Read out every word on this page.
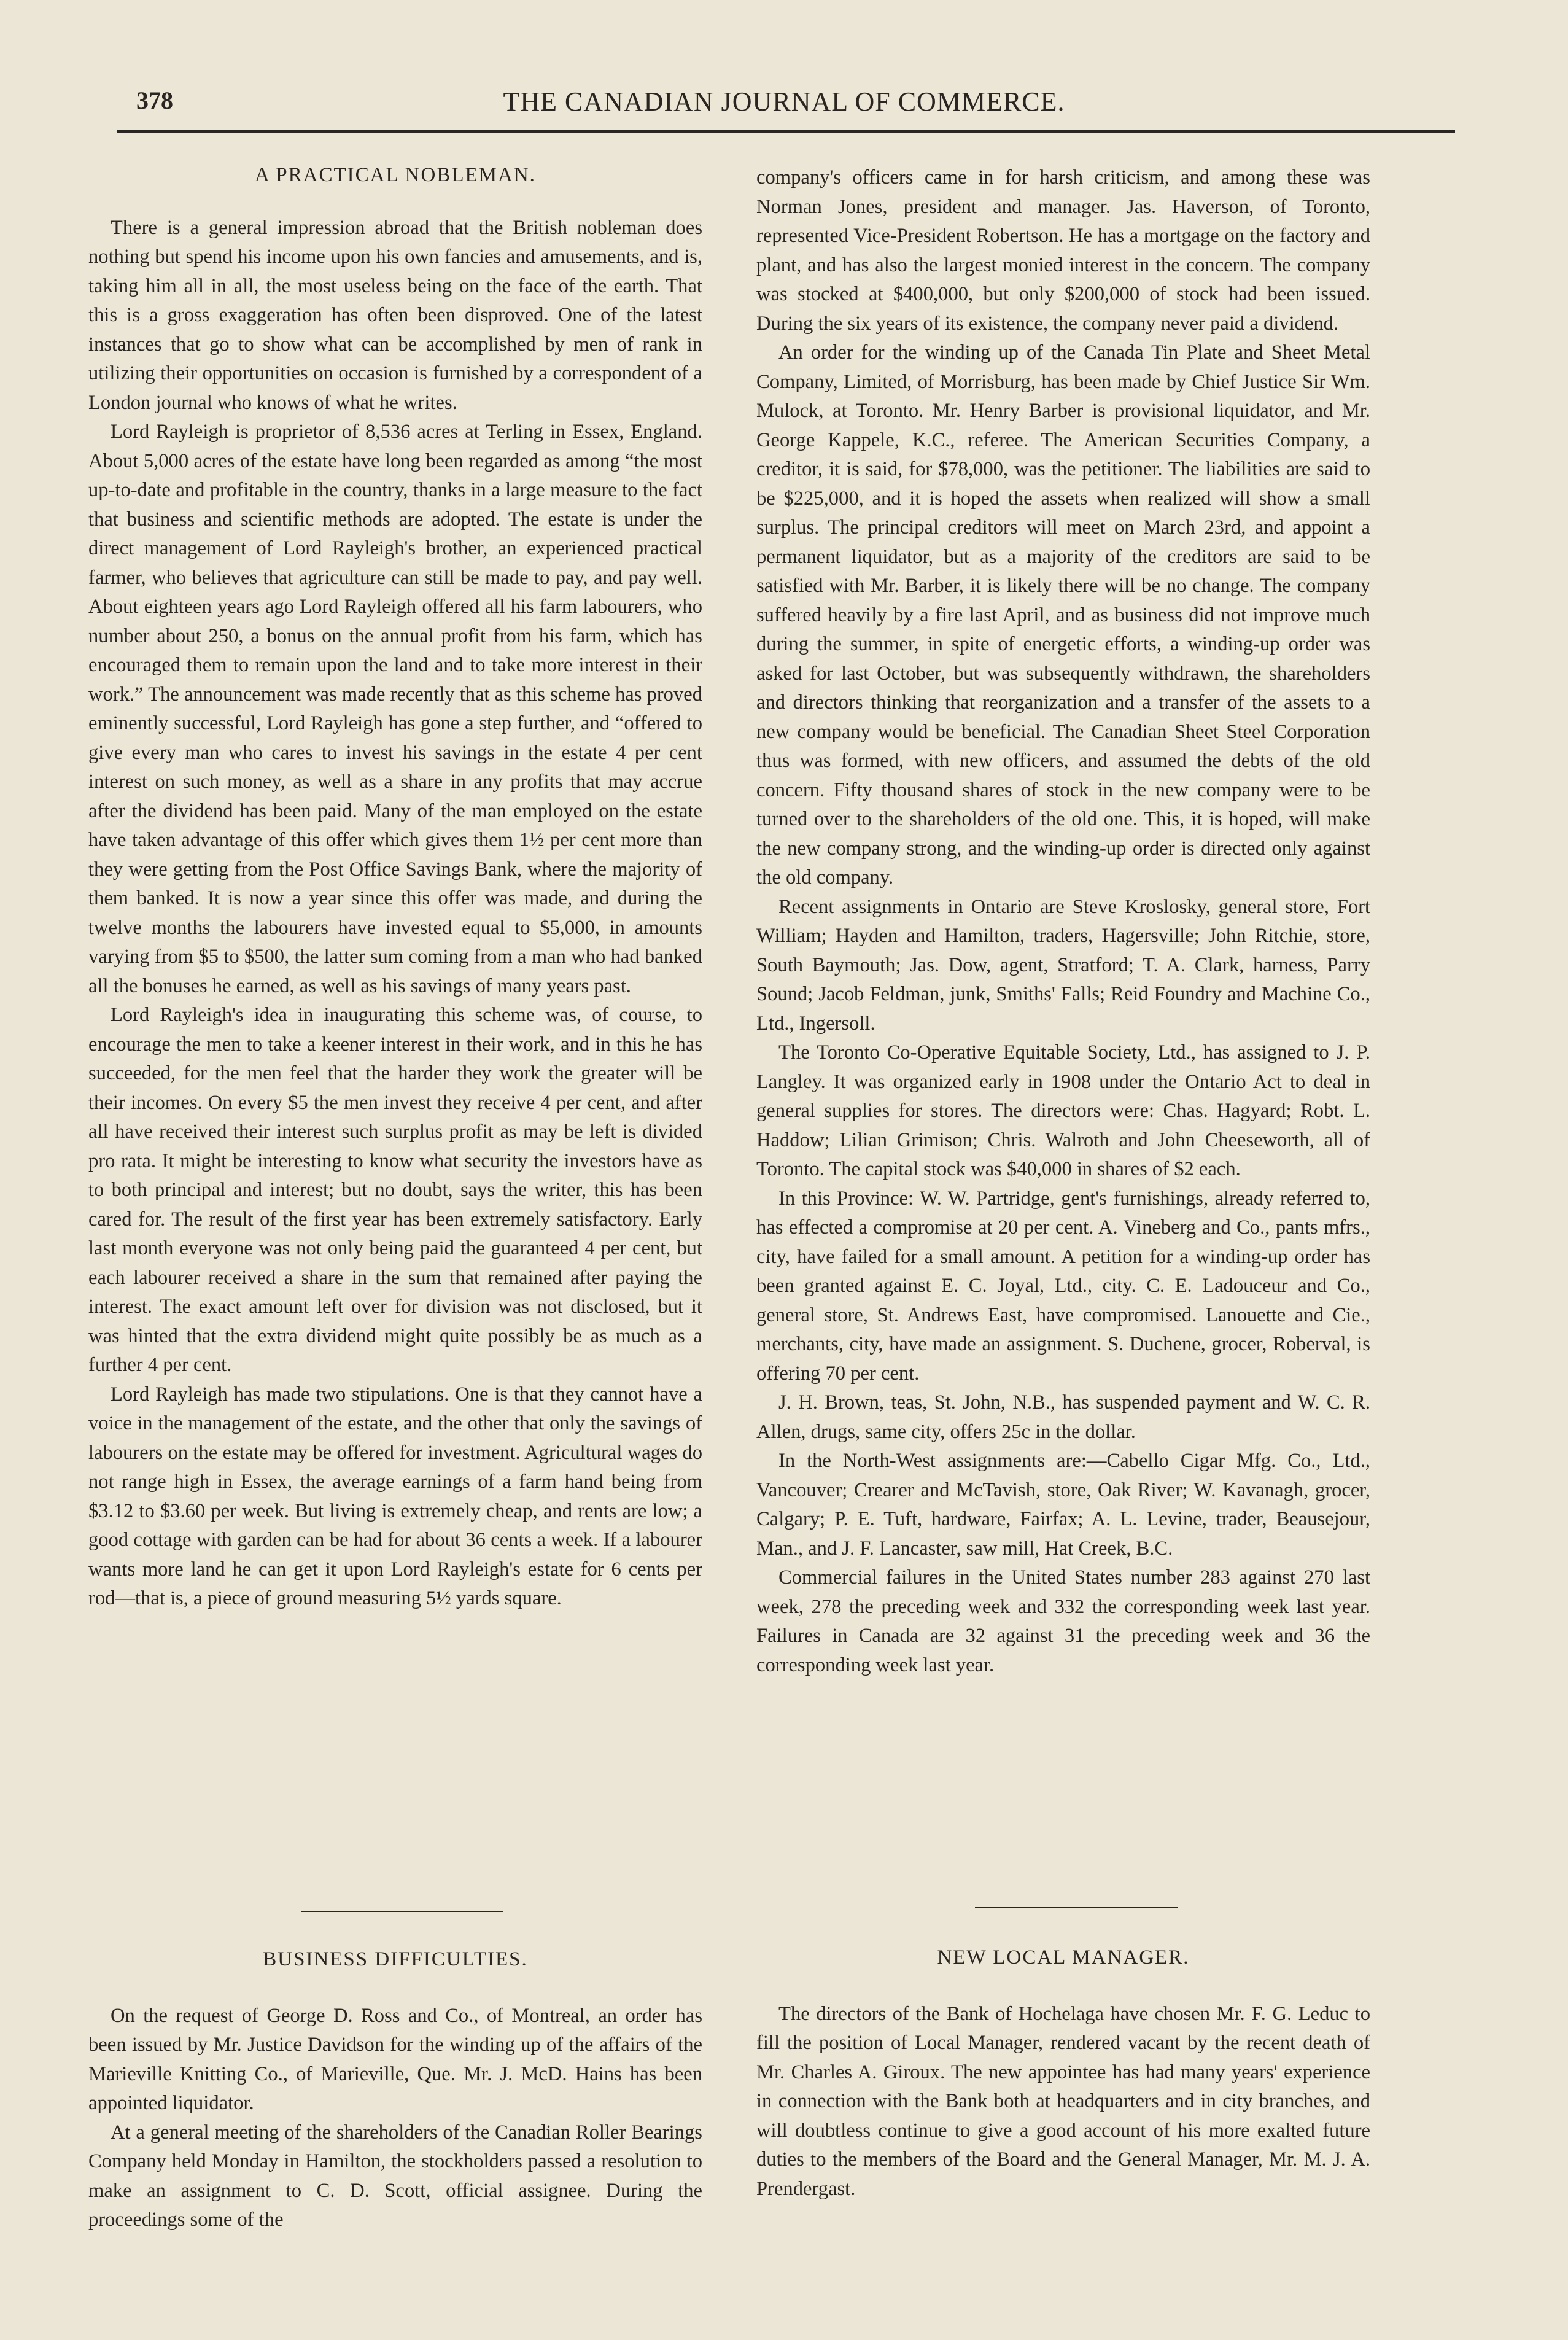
378	THE CANADIAN JOURNAL OF COMMERCE.

A PRACTICAL NOBLEMAN.

There is a general impression abroad that the British nobleman does nothing but spend his income upon his own fancies and amusements, and is, taking him all in all, the most useless being on the face of the earth. That this is a gross exaggeration has often been disproved. One of the latest instances that go to show what can be accomplished by men of rank in utilizing their opportunities on occasion is furnished by a correspondent of a London journal who knows of what he writes.

Lord Rayleigh is proprietor of 8,536 acres at Terling in Essex, England. About 5,000 acres of the estate have long been regarded as among “the most up-to-date and profitable in the country, thanks in a large measure to the fact that business and scientific methods are adopted. The estate is under the direct management of Lord Rayleigh's brother, an experienced practical farmer, who believes that agriculture can still be made to pay, and pay well. About eighteen years ago Lord Rayleigh offered all his farm labourers, who number about 250, a bonus on the annual profit from his farm, which has encouraged them to remain upon the land and to take more interest in their work.” The announcement was made recently that as this scheme has proved eminently successful, Lord Rayleigh has gone a step further, and “offered to give every man who cares to invest his savings in the estate 4 per cent interest on such money, as well as a share in any profits that may accrue after the dividend has been paid. Many of the man employed on the estate have taken advantage of this offer which gives them 1½ per cent more than they were getting from the Post Office Savings Bank, where the majority of them banked. It is now a year since this offer was made, and during the twelve months the labourers have invested equal to $5,000, in amounts varying from $5 to $500, the latter sum coming from a man who had banked all the bonuses he earned, as well as his savings of many years past.

Lord Rayleigh's idea in inaugurating this scheme was, of course, to encourage the men to take a keener interest in their work, and in this he has succeeded, for the men feel that the harder they work the greater will be their incomes. On every $5 the men invest they receive 4 per cent, and after all have received their interest such surplus profit as may be left is divided pro rata. It might be interesting to know what security the investors have as to both principal and interest; but no doubt, says the writer, this has been cared for. The result of the first year has been extremely satisfactory. Early last month everyone was not only being paid the guaranteed 4 per cent, but each labourer received a share in the sum that remained after paying the interest. The exact amount left over for division was not disclosed, but it was hinted that the extra dividend might quite possibly be as much as a further 4 per cent.

Lord Rayleigh has made two stipulations. One is that they cannot have a voice in the management of the estate, and the other that only the savings of labourers on the estate may be offered for investment. Agricultural wages do not range high in Essex, the average earnings of a farm hand being from $3.12 to $3.60 per week. But living is extremely cheap, and rents are low; a good cottage with garden can be had for about 36 cents a week. If a labourer wants more land he can get it upon Lord Rayleigh's estate for 6 cents per rod—that is, a piece of ground measuring 5½ yards square.

company's officers came in for harsh criticism, and among these was Norman Jones, president and manager. Jas. Haverson, of Toronto, represented Vice-President Robertson. He has a mortgage on the factory and plant, and has also the largest monied interest in the concern. The company was stocked at $400,000, but only $200,000 of stock had been issued. During the six years of its existence, the company never paid a dividend.

An order for the winding up of the Canada Tin Plate and Sheet Metal Company, Limited, of Morrisburg, has been made by Chief Justice Sir Wm. Mulock, at Toronto. Mr. Henry Barber is provisional liquidator, and Mr. George Kappele, K.C., referee. The American Securities Company, a creditor, it is said, for $78,000, was the petitioner. The liabilities are said to be $225,000, and it is hoped the assets when realized will show a small surplus. The principal creditors will meet on March 23rd, and appoint a permanent liquidator, but as a majority of the creditors are said to be satisfied with Mr. Barber, it is likely there will be no change. The company suffered heavily by a fire last April, and as business did not improve much during the summer, in spite of energetic efforts, a winding-up order was asked for last October, but was subsequently withdrawn, the shareholders and directors thinking that reorganization and a transfer of the assets to a new company would be beneficial. The Canadian Sheet Steel Corporation thus was formed, with new officers, and assumed the debts of the old concern. Fifty thousand shares of stock in the new company were to be turned over to the shareholders of the old one. This, it is hoped, will make the new company strong, and the winding-up order is directed only against the old company.

Recent assignments in Ontario are Steve Kroslosky, general store, Fort William; Hayden and Hamilton, traders, Hagersville; John Ritchie, store, South Baymouth; Jas. Dow, agent, Stratford; T. A. Clark, harness, Parry Sound; Jacob Feldman, junk, Smiths' Falls; Reid Foundry and Machine Co., Ltd., Ingersoll.

The Toronto Co-Operative Equitable Society, Ltd., has assigned to J. P. Langley. It was organized early in 1908 under the Ontario Act to deal in general supplies for stores. The directors were: Chas. Hagyard; Robt. L. Haddow; Lilian Grimison; Chris. Walroth and John Cheeseworth, all of Toronto. The capital stock was $40,000 in shares of $2 each.

In this Province: W. W. Partridge, gent's furnishings, already referred to, has effected a compromise at 20 per cent. A. Vineberg and Co., pants mfrs., city, have failed for a small amount. A petition for a winding-up order has been granted against E. C. Joyal, Ltd., city. C. E. Ladouceur and Co., general store, St. Andrews East, have compromised. Lanouette and Cie., merchants, city, have made an assignment. S. Duchene, grocer, Roberval, is offering 70 per cent.

J. H. Brown, teas, St. John, N.B., has suspended payment and W. C. R. Allen, drugs, same city, offers 25c in the dollar.

In the North-West assignments are:—Cabello Cigar Mfg. Co., Ltd., Vancouver; Crearer and McTavish, store, Oak River; W. Kavanagh, grocer, Calgary; P. E. Tuft, hardware, Fairfax; A. L. Levine, trader, Beausejour, Man., and J. F. Lancaster, saw mill, Hat Creek, B.C.

Commercial failures in the United States number 283 against 270 last week, 278 the preceding week and 332 the corresponding week last year. Failures in Canada are 32 against 31 the preceding week and 36 the corresponding week last year.

BUSINESS DIFFICULTIES.

On the request of George D. Ross and Co., of Montreal, an order has been issued by Mr. Justice Davidson for the winding up of the affairs of the Marieville Knitting Co., of Marieville, Que. Mr. J. McD. Hains has been appointed liquidator.

At a general meeting of the shareholders of the Canadian Roller Bearings Company held Monday in Hamilton, the stockholders passed a resolution to make an assignment to C. D. Scott, official assignee. During the proceedings some of the

NEW LOCAL MANAGER.

The directors of the Bank of Hochelaga have chosen Mr. F. G. Leduc to fill the position of Local Manager, rendered vacant by the recent death of Mr. Charles A. Giroux. The new appointee has had many years' experience in connection with the Bank both at headquarters and in city branches, and will doubtless continue to give a good account of his more exalted future duties to the members of the Board and the General Manager, Mr. M. J. A. Prendergast.
